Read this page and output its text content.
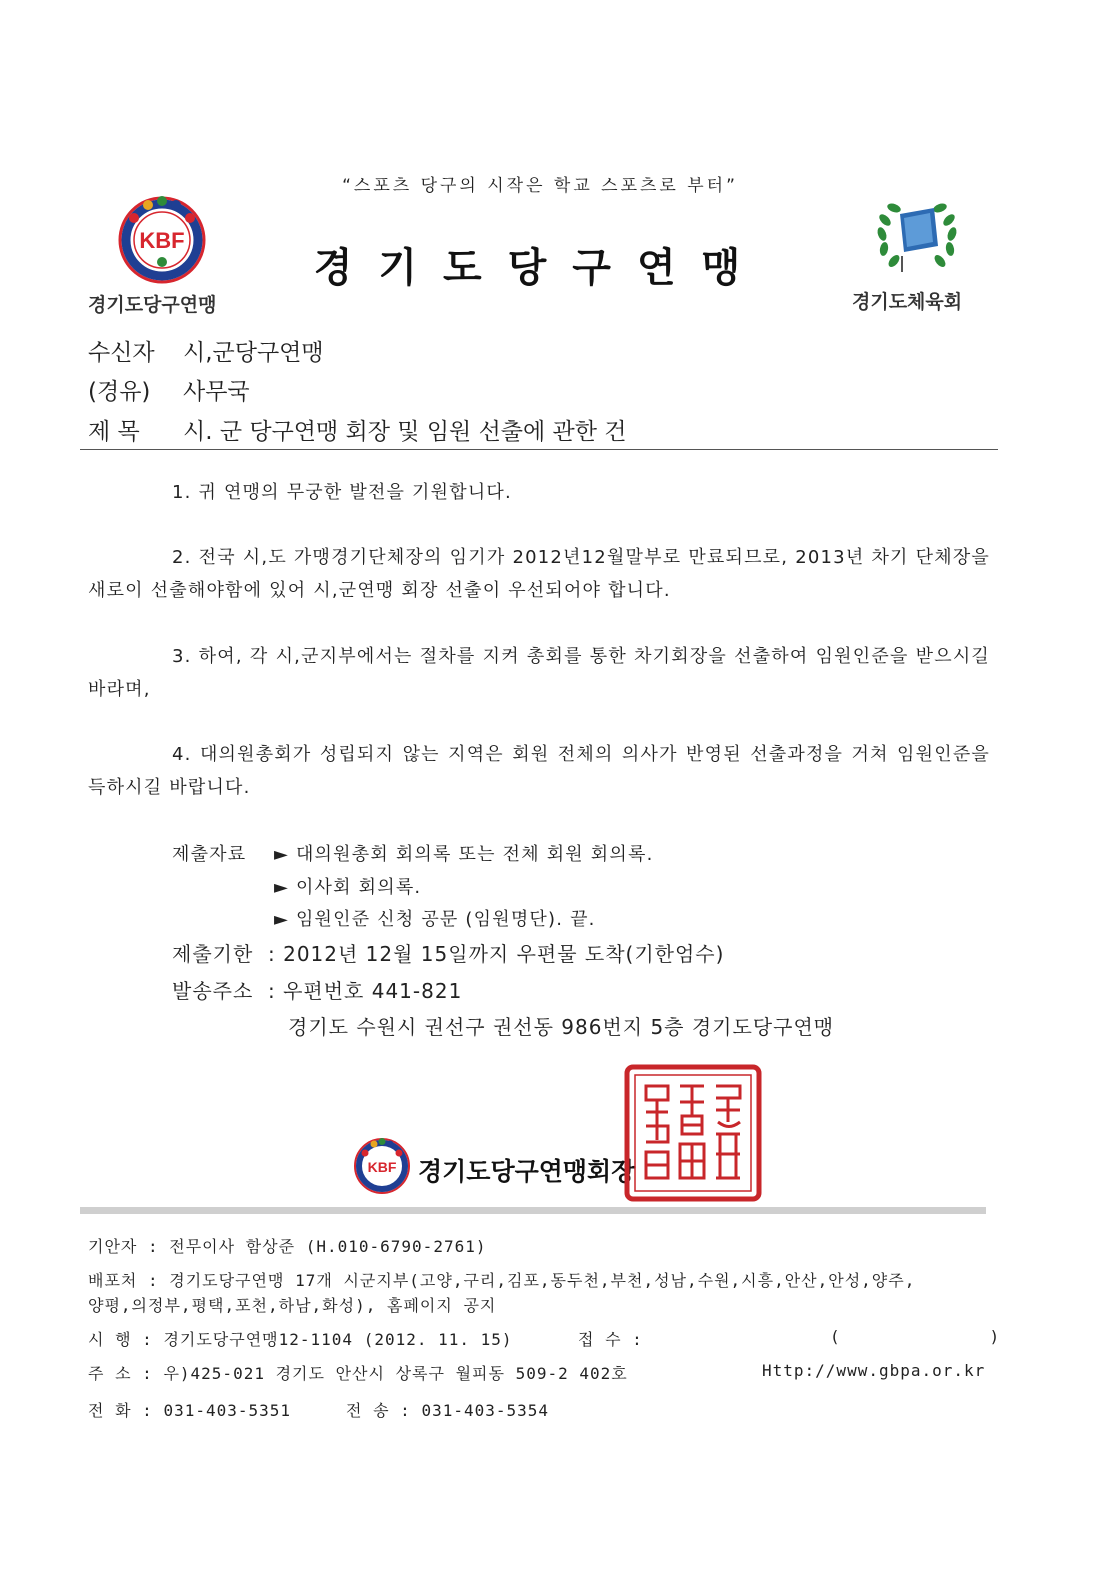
“스포츠 당구의 시작은 학교 스포츠로 부터”
KBF
경기도당구연맹
경기도당구연맹
경기도체육회
수신자 시,군당구연맹
(경유) 사무국
제 목 시. 군 당구연맹 회장 및 임원 선출에 관한 건
1. 귀 연맹의 무궁한 발전을 기원합니다.
2. 전국 시,도 가맹경기단체장의 임기가 2012년12월말부로 만료되므로, 2013년 차기 단체장을 새로이 선출해야함에 있어 시,군연맹 회장 선출이 우선되어야 합니다.
3. 하여, 각 시,군지부에서는 절차를 지켜 총회를 통한 차기회장을 선출하여 임원인준을 받으시길 바라며,
4. 대의원총회가 성립되지 않는 지역은 회원 전체의 의사가 반영된 선출과정을 거쳐 임원인준을 득하시길 바랍니다.
제출자료 ► 대의원총회 회의록 또는 전체 회원 회의록.
► 이사회 회의록.
► 임원인준 신청 공문 (임원명단). 끝.
제출기한 : 2012년 12월 15일까지 우편물 도착(기한엄수)
발송주소 : 우편번호 441-821
경기도 수원시 권선구 권선동 986번지 5층 경기도당구연맹
KBF 경기도당구연맹회장
기안자 : 전무이사 함상준 (H.010-6790-2761)
배포처 : 경기도당구연맹 17개 시군지부(고양,구리,김포,동두천,부천,성남,수원,시흥,안산,안성,양주,
양평,의정부,평택,포천,하남,화성), 홈페이지 공지
시 행 : 경기도당구연맹12-1104 (2012. 11. 15)	접 수 :	(              )
주 소 : 우)425-021 경기도 안산시 상록구 월피동 509-2 402호	Http://www.gbpa.or.kr
전 화 : 031-403-5351	전 송 : 031-403-5354
